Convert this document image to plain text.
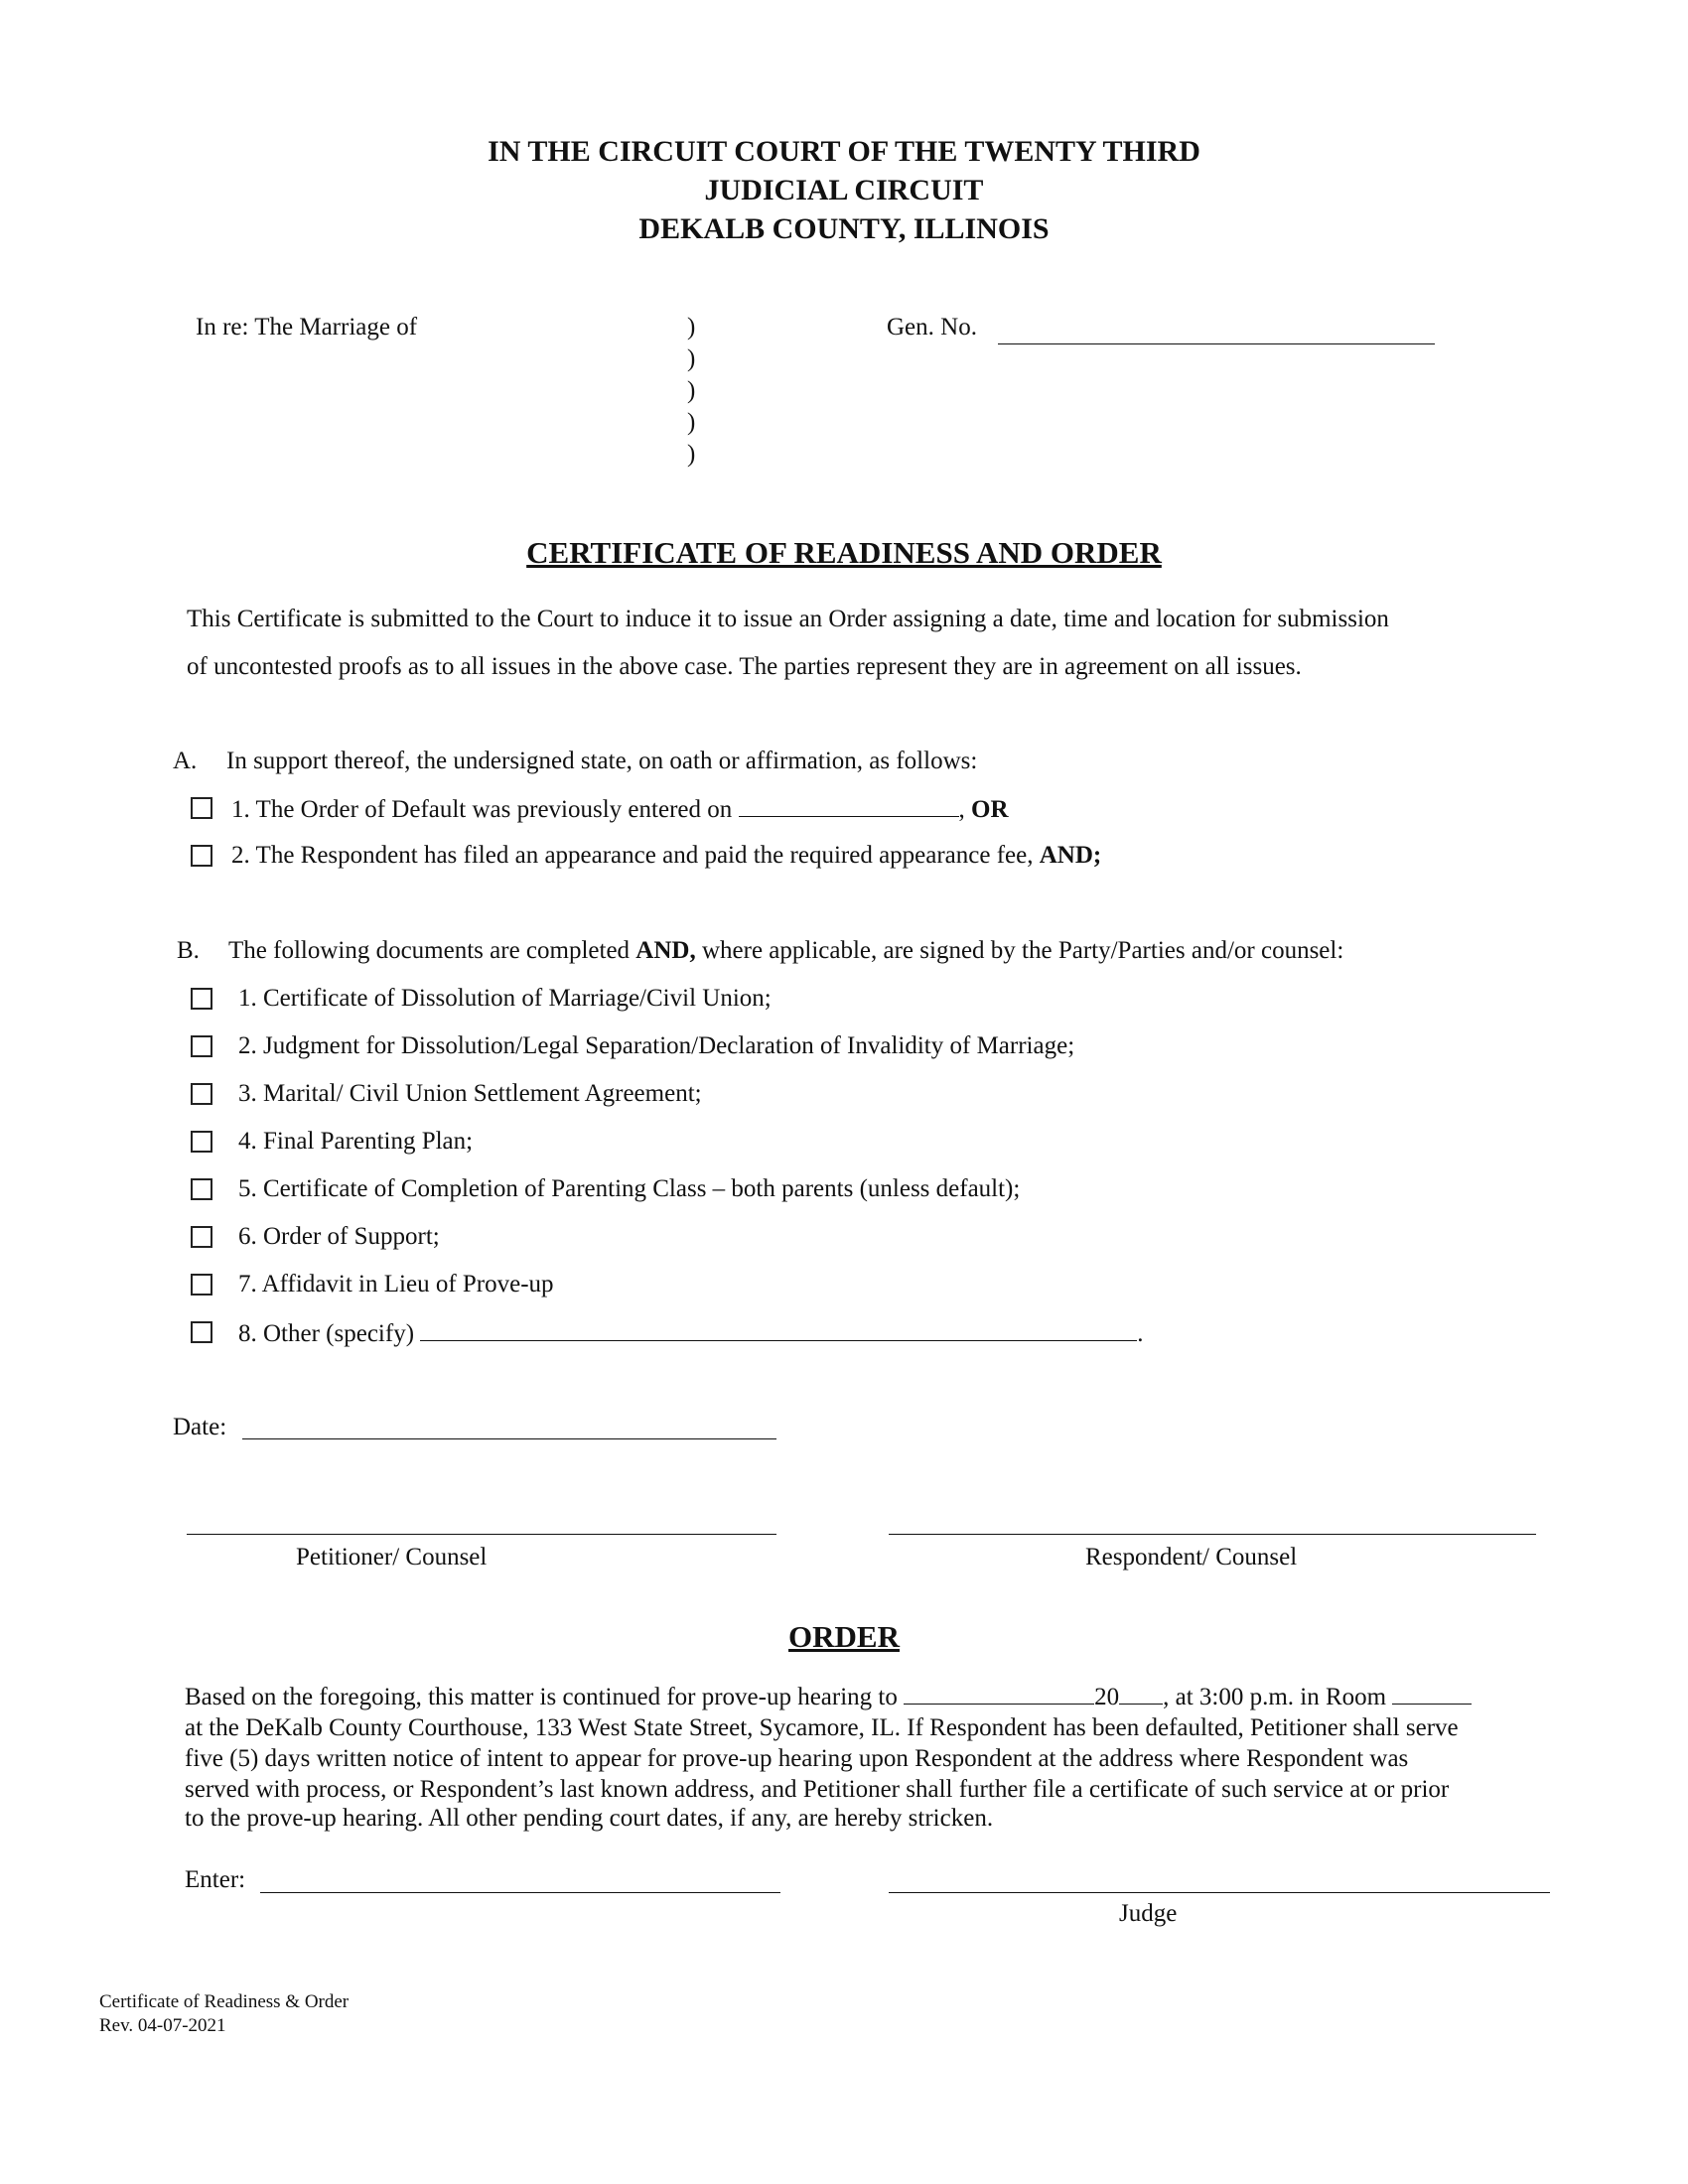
IN THE CIRCUIT COURT OF THE TWENTY THIRD
JUDICIAL CIRCUIT
DEKALB COUNTY, ILLINOIS
In re: The Marriage of	)
)
)
)
)
Gen. No.
CERTIFICATE OF READINESS AND ORDER
This Certificate is submitted to the Court to induce it to issue an Order assigning a date, time and location for submission
of uncontested proofs as to all issues in the above case. The parties represent they are in agreement on all issues.
A. In support thereof, the undersigned state, on oath or affirmation, as follows:
1. The Order of Default was previously entered on	, OR
2. The Respondent has filed an appearance and paid the required appearance fee, AND;
B. The following documents are completed AND, where applicable, are signed by the Party/Parties and/or counsel:
1. Certificate of Dissolution of Marriage/Civil Union;
2. Judgment for Dissolution/Legal Separation/Declaration of Invalidity of Marriage;
3. Marital/ Civil Union Settlement Agreement;
4. Final Parenting Plan;
5. Certificate of Completion of Parenting Class – both parents (unless default);
6. Order of Support;
7. Affidavit in Lieu of Prove-up
8. Other (specify)	.
Date:
Petitioner/ Counsel	Respondent/ Counsel
ORDER
Based on the foregoing, this matter is continued for prove-up hearing to	20 , at 3:00 p.m. in Room
at the DeKalb County Courthouse, 133 West State Street, Sycamore, IL. If Respondent has been defaulted, Petitioner shall serve
five (5) days written notice of intent to appear for prove-up hearing upon Respondent at the address where Respondent was
served with process, or Respondent’s last known address, and Petitioner shall further file a certificate of such service at or prior
to the prove-up hearing. All other pending court dates, if any, are hereby stricken.
Enter:
Judge
Certificate of Readiness & Order
Rev. 04-07-2021
